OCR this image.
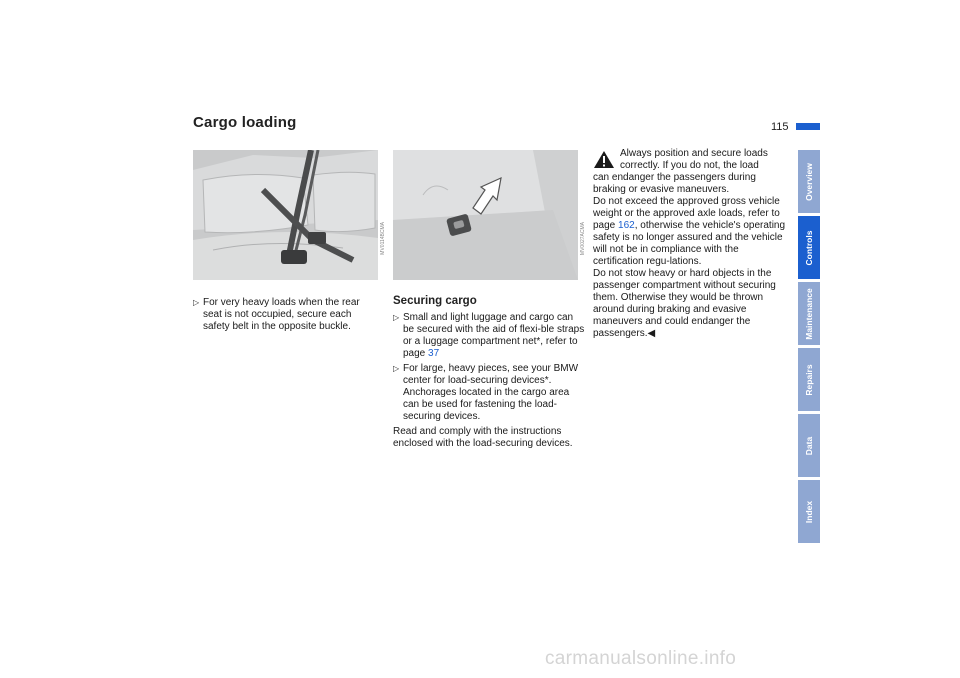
Cargo loading	115
MV0114BCMA	MV0027ACMA
▷ For very heavy loads when the rear seat is not occupied, secure each safety belt in the opposite buckle.
Securing cargo
▷ Small and light luggage and cargo can be secured with the aid of flexi-ble straps or a luggage compartment net*, refer to page 37
▷ For large, heavy pieces, see your BMW center for load-securing devices*. Anchorages located in the cargo area can be used for fastening the load-securing devices.
Read and comply with the instructions enclosed with the load-securing devices.
Always position and secure loads
correctly. If you do not, the load
can endanger the passengers during braking or evasive maneuvers.
Do not exceed the approved gross vehicle weight or the approved axle loads, refer to page 162, otherwise the vehicle's operating safety is no longer assured and the vehicle will not be in compliance with the certification regu-lations.
Do not stow heavy or hard objects in the passenger compartment without securing them. Otherwise they would be thrown around during braking and evasive maneuvers and could endanger the passengers.◀
Overview
Controls
Maintenance
Repairs
Data
Index
carmanualsonline.info
